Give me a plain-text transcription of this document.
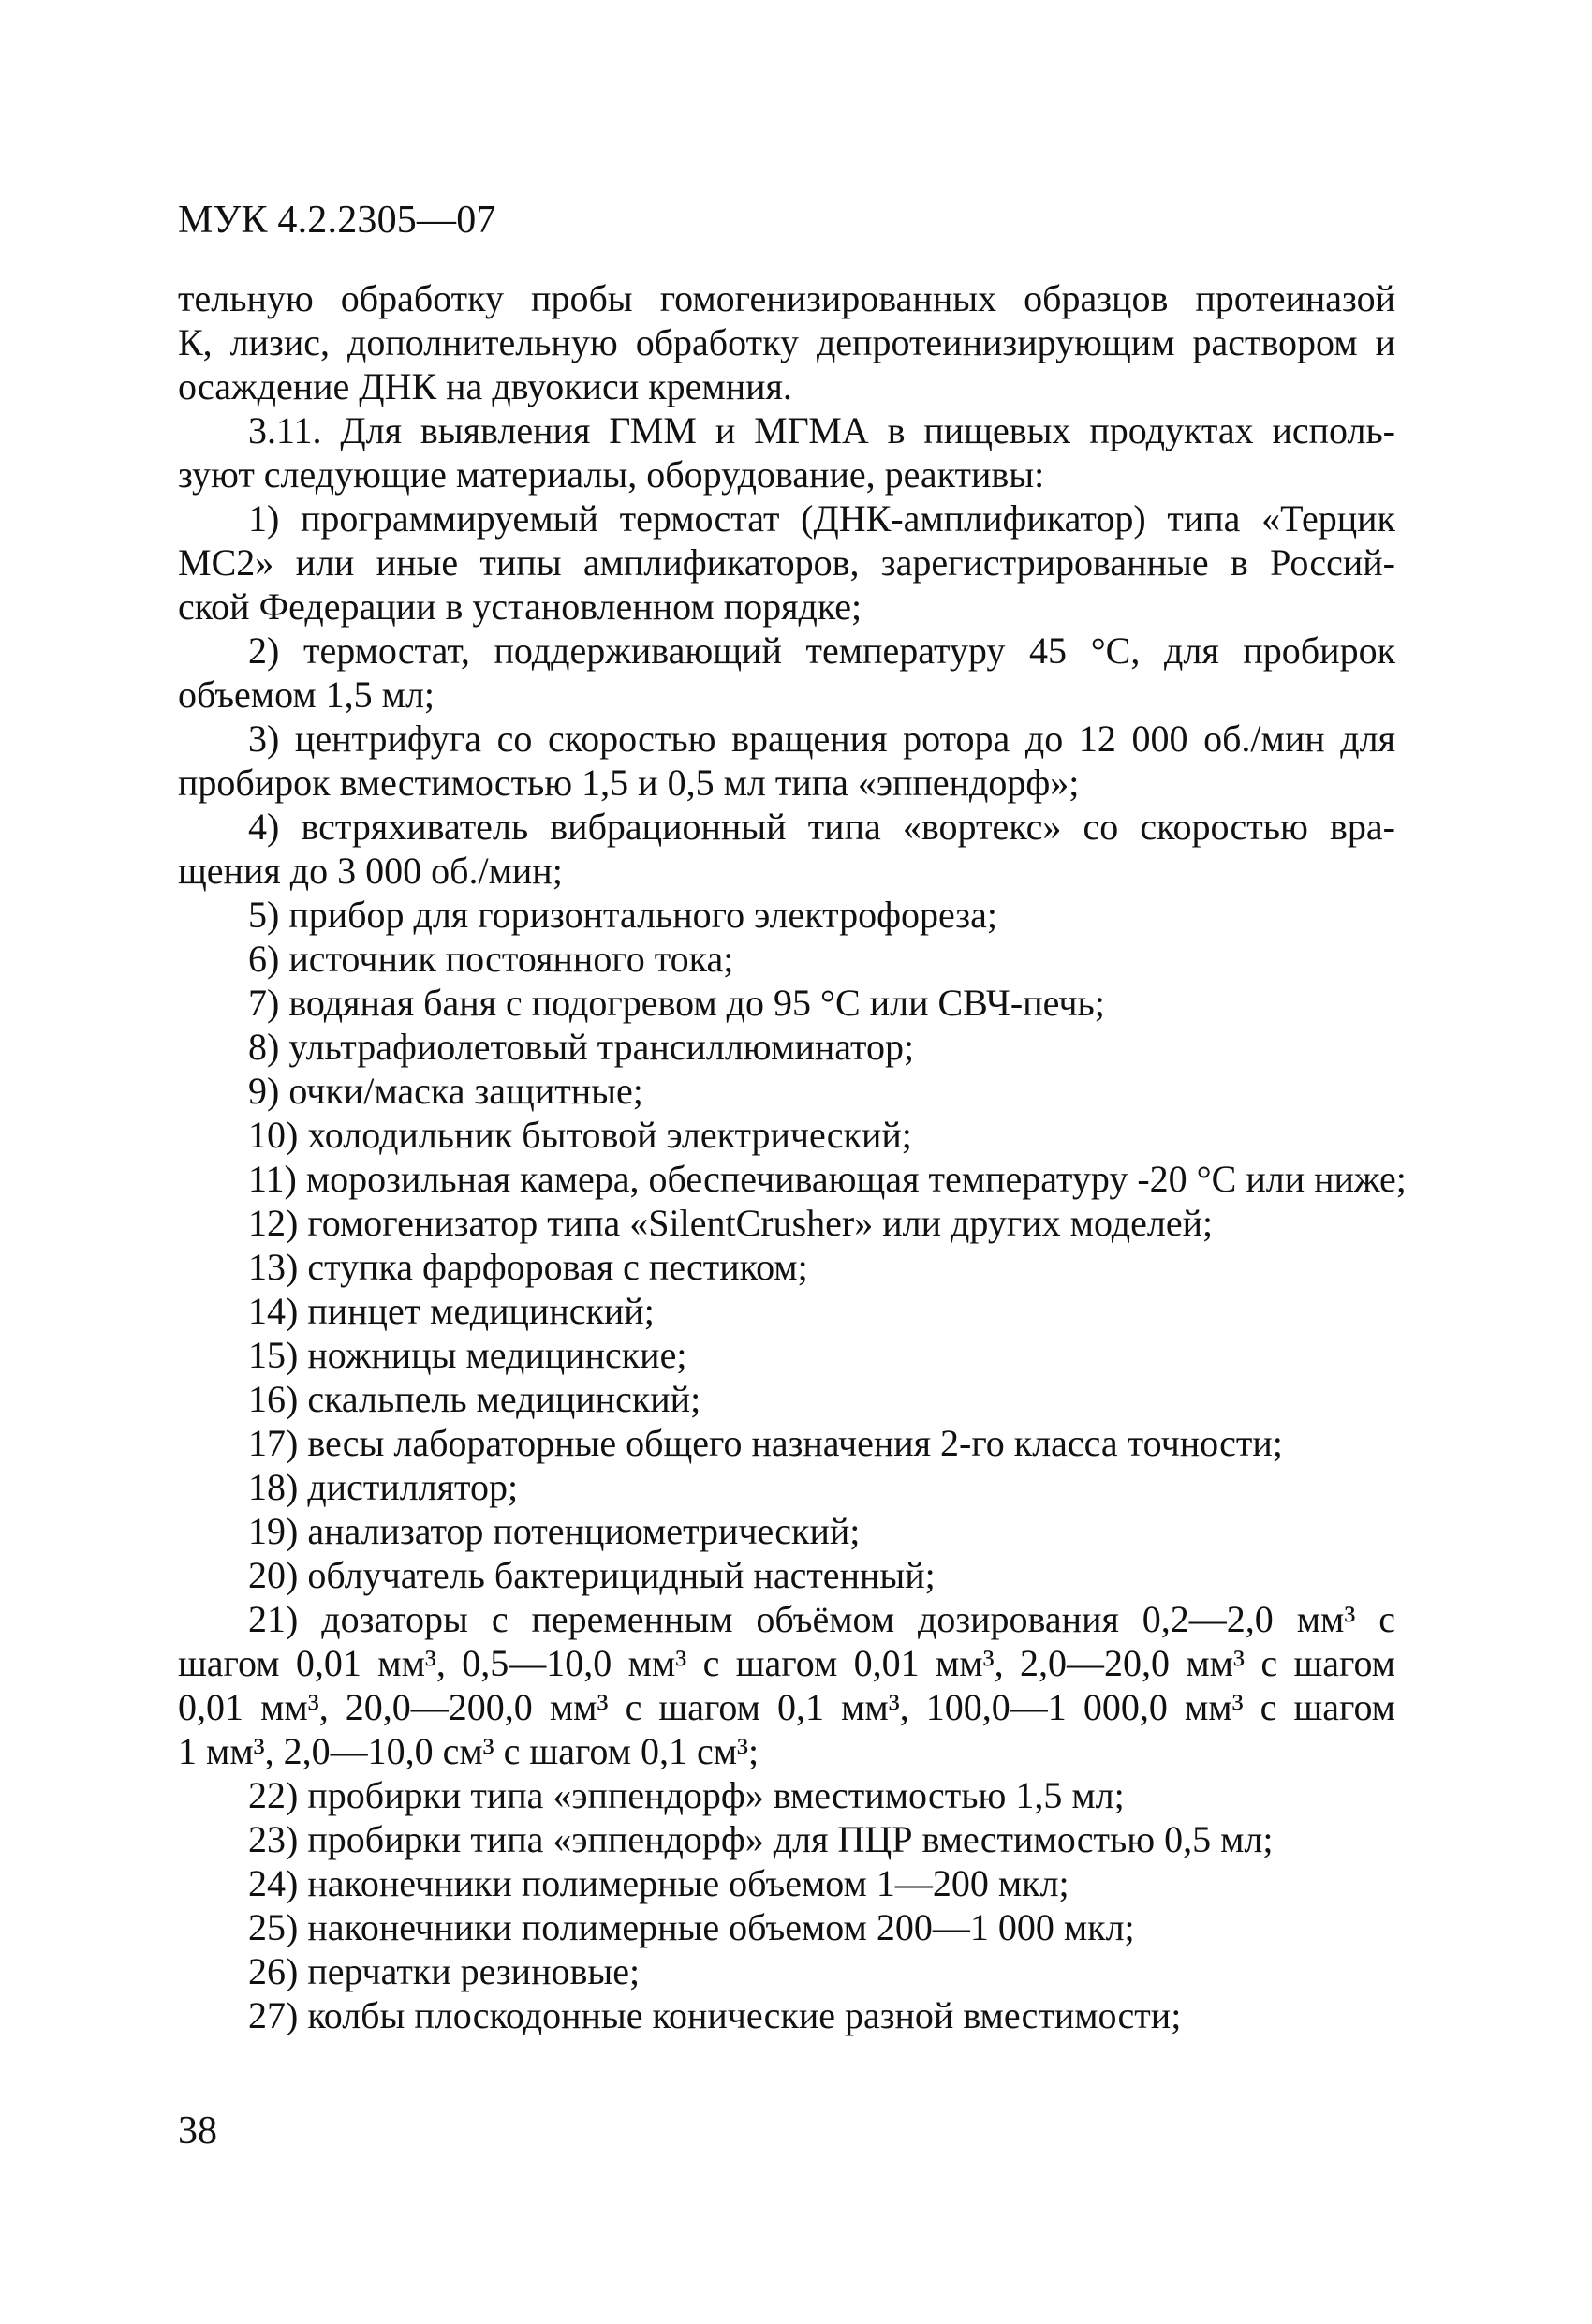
МУК 4.2.2305—07
тельную обработку пробы гомогенизированных образцов протеиназой
К, лизис, дополнительную обработку депротеинизирующим раствором и
осаждение ДНК на двуокиси кремния.
3.11. Для выявления ГММ и МГМА в пищевых продуктах исполь-
зуют следующие материалы, оборудование, реактивы:
1) программируемый термостат (ДНК-амплификатор) типа «Терцик
МС2» или иные типы амплификаторов, зарегистрированные в Россий-
ской Федерации в установленном порядке;
2) термостат, поддерживающий температуру 45 °С, для пробирок
объемом 1,5 мл;
3) центрифуга со скоростью вращения ротора до 12 000 об./мин для
пробирок вместимостью 1,5 и 0,5 мл типа «эппендорф»;
4) встряхиватель вибрационный типа «вортекс» со скоростью вра-
щения до 3 000 об./мин;
5) прибор для горизонтального электрофореза;
6) источник постоянного тока;
7) водяная баня с подогревом до 95 °С или СВЧ-печь;
8) ультрафиолетовый трансиллюминатор;
9) очки/маска защитные;
10) холодильник бытовой электрический;
11) морозильная камера, обеспечивающая температуру -20 °С или ниже;
12) гомогенизатор типа «SilentCrusher» или других моделей;
13) ступка фарфоровая с пестиком;
14) пинцет медицинский;
15) ножницы медицинские;
16) скальпель медицинский;
17) весы лабораторные общего назначения 2-го класса точности;
18) дистиллятор;
19) анализатор потенциометрический;
20) облучатель бактерицидный настенный;
21) дозаторы с переменным объёмом дозирования 0,2—2,0 мм³ с
шагом 0,01 мм³, 0,5—10,0 мм³ с шагом 0,01 мм³, 2,0—20,0 мм³ с шагом
0,01 мм³, 20,0—200,0 мм³ с шагом 0,1 мм³, 100,0—1 000,0 мм³ с шагом
1 мм³, 2,0—10,0 см³ с шагом 0,1 см³;
22) пробирки типа «эппендорф» вместимостью 1,5 мл;
23) пробирки типа «эппендорф» для ПЦР вместимостью 0,5 мл;
24) наконечники полимерные объемом 1—200 мкл;
25) наконечники полимерные объемом 200—1 000 мкл;
26) перчатки резиновые;
27) колбы плоскодонные конические разной вместимости;
38
